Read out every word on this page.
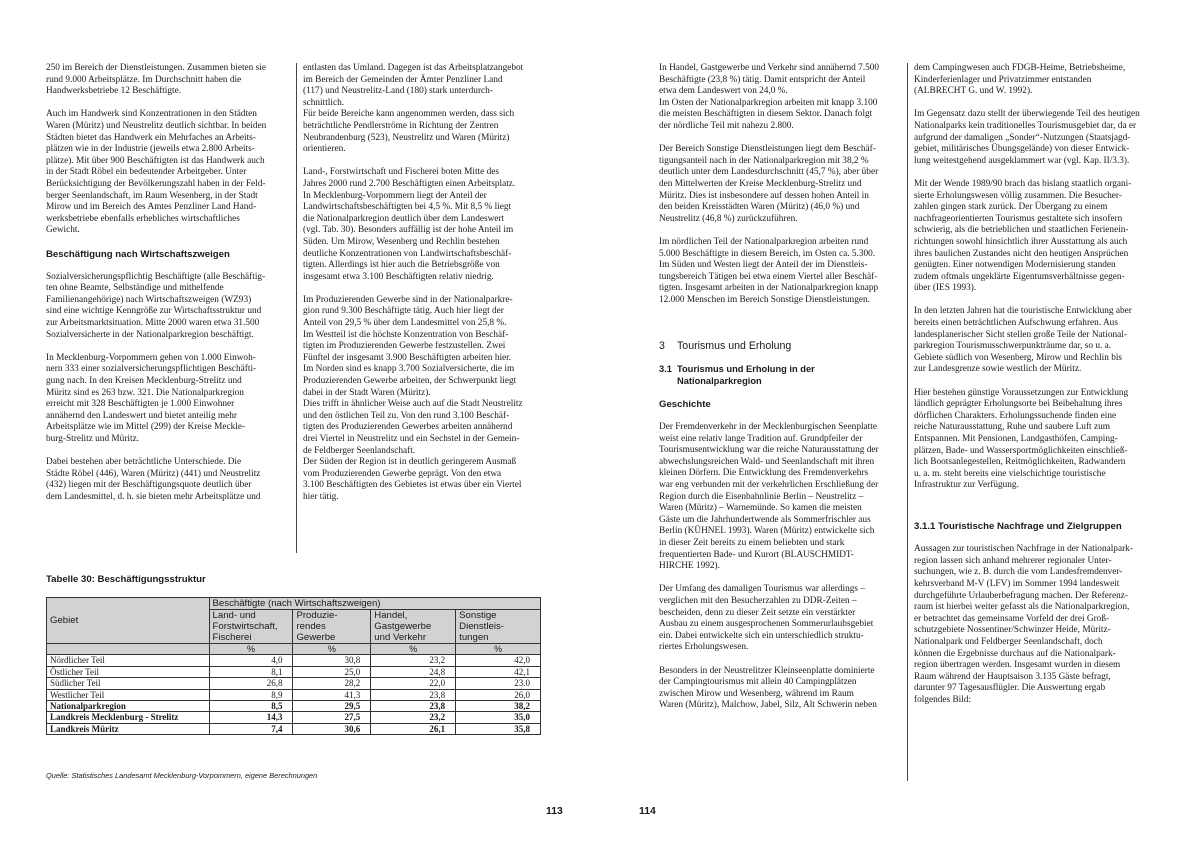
250 im Bereich der Dienstleistungen. Zusammen bieten sie
rund 9.000 Arbeitsplätze. Im Durchschnitt haben die
Handwerksbetriebe 12 Beschäftigte.

Auch im Handwerk sind Konzentrationen in den Städten
Waren (Müritz) und Neustrelitz deutlich sichtbar. In beiden
Städten bietet das Handwerk ein Mehrfaches an Arbeits-
plätzen wie in der Industrie (jeweils etwa 2.800 Arbeits-
plätze). Mit über 900 Beschäftigten ist das Handwerk auch
in der Stadt Röbel ein bedeutender Arbeitgeber. Unter
Berücksichtigung der Bevölkerungszahl haben in der Feld-
berger Seenlandschaft, im Raum Wesenberg, in der Stadt
Mirow und im Bereich des Amtes Penzliner Land Hand-
werksbetriebe ebenfalls erhebliches wirtschaftliches
Gewicht.

Beschäftigung nach Wirtschaftszweigen

Sozialversicherungspflichtig Beschäftigte (alle Beschäftig-
ten ohne Beamte, Selbständige und mithelfende
Familienangehörige) nach Wirtschaftszweigen (WZ93)
sind eine wichtige Kenngröße zur Wirtschaftsstruktur und
zur Arbeitsmarktsituation. Mitte 2000 waren etwa 31.500
Sozialversicherte in der Nationalparkregion beschäftigt.

In Mecklenburg-Vorpommern gehen von 1.000 Einwoh-
nern 333 einer sozialversicherungspflichtigen Beschäfti-
gung nach. In den Kreisen Mecklenburg-Strelitz und
Müritz sind es 263 bzw. 321. Die Nationalparkregion
erreicht mit 328 Beschäftigten je 1.000 Einwohner
annähernd den Landeswert und bietet anteilig mehr
Arbeitsplätze wie im Mittel (299) der Kreise Meckle-
burg-Strelitz und Müritz.

Dabei bestehen aber beträchtliche Unterschiede. Die
Städte Röbel (446), Waren (Müritz) (441) und Neustrelitz
(432) liegen mit der Beschäftigungsquote deutlich über
dem Landesmittel, d. h. sie bieten mehr Arbeitsplätze und

entlasten das Umland. Dagegen ist das Arbeitsplatzangebot
im Bereich der Gemeinden der Ämter Penzliner Land
(117) und Neustrelitz-Land (180) stark unterdurch-
schnittlich.
Für beide Bereiche kann angenommen werden, dass sich
beträchtliche Pendlerströme in Richtung der Zentren
Neubrandenburg (523), Neustrelitz und Waren (Müritz)
orientieren.

Land-, Forstwirtschaft und Fischerei boten Mitte des
Jahres 2000 rund 2.700 Beschäftigten einen Arbeitsplatz.
In Mecklenburg-Vorpommern liegt der Anteil der
Landwirtschaftsbeschäftigten bei 4,5 %. Mit 8,5 % liegt
die Nationalparkregion deutlich über dem Landeswert
(vgl. Tab. 30). Besonders auffällig ist der hohe Anteil im
Süden. Um Mirow, Wesenberg und Rechlin bestehen
deutliche Konzentrationen von Landwirtschaftsbeschäf-
tigten. Allerdings ist hier auch die Betriebsgröße von
insgesamt etwa 3.100 Beschäftigten relativ niedrig.

Im Produzierenden Gewerbe sind in der Nationalparkre-
gion rund 9.300 Beschäftigte tätig. Auch hier liegt der
Anteil von 29,5 % über dem Landesmittel von 25,8 %.
Im Westteil ist die höchste Konzentration von Beschäf-
tigten im Produzierenden Gewerbe festzustellen. Zwei
Fünftel der insgesamt 3.900 Beschäftigten arbeiten hier.
Im Norden sind es knapp 3.700 Sozialversicherte, die im
Produzierenden Gewerbe arbeiten, der Schwerpunkt liegt
dabei in der Stadt Waren (Müritz).
Dies trifft in ähnlicher Weise auch auf die Stadt Neustrelitz
und den östlichen Teil zu. Von den rund 3.100 Beschäf-
tigten des Produzierenden Gewerbes arbeiten annähernd
drei Viertel in Neustrelitz und ein Sechstel in der Gemein-
de Feldberger Seenlandschaft.
Der Süden der Region ist in deutlich geringerem Ausmaß
vom Produzierenden Gewerbe geprägt. Von den etwa
3.100 Beschäftigten des Gebietes ist etwas über ein Viertel
hier tätig.

Tabelle 30: Beschäftigungsstruktur
Gebiet	Beschäftigte (nach Wirtschaftszweigen)			
	Land- und
Forstwirtschaft,
Fischerei	Produzie-
rendes
Gewerbe	Handel,
Gastgewerbe
und Verkehr	Sonstige
Dienstleis-
tungen
	%	%	%	%
Nördlicher Teil	4,0	30,8	23,2	42,0
Östlicher Teil	8,1	25,0	24,8	42,1
Südlicher Teil	26,8	28,2	22,0	23.0
Westlicher Teil	8,9	41,3	23,8	26,0
Nationalparkregion	8,5	29,5	23,8	38,2
Landkreis Mecklenburg - Strelitz	14,3	27,5	23,2	35,0
Landkreis Müritz	7,4	30,6	26,1	35,8
Quelle: Statistisches Landesamt Mecklenburg-Vorpommern, eigene Berechnungen
113	114

In Handel, Gastgewerbe und Verkehr sind annähernd 7.500
Beschäftigte (23,8 %) tätig. Damit entspricht der Anteil
etwa dem Landeswert von 24,0 %.
Im Osten der Nationalparkregion arbeiten mit knapp 3.100
die meisten Beschäftigten in diesem Sektor. Danach folgt
der nördliche Teil mit nahezu 2.800.

Der Bereich Sonstige Dienstleistungen liegt dem Beschäf-
tigungsanteil nach in der Nationalparkregion mit 38,2 %
deutlich unter dem Landesdurchschnitt (45,7 %), aber über
den Mittelwerten der Kreise Mecklenburg-Strelitz und
Müritz. Dies ist insbesondere auf dessen hohen Anteil in
den beiden Kreisstädten Waren (Müritz) (46,0 %) und
Neustrelitz (46,8 %) zurückzuführen.

Im nördlichen Teil der Nationalparkregion arbeiten rund
5.000 Beschäftigte in diesem Bereich, im Osten ca. 5.300.
Im Süden und Westen liegt der Anteil der im Dienstleis-
tungsbereich Tätigen bei etwa einem Viertel aller Beschäf-
tigten. Insgesamt arbeiten in der Nationalparkregion knapp
12.000 Menschen im Bereich Sonstige Dienstleistungen.

3 Tourismus und Erholung
3.1 Tourismus und Erholung in der
Nationalparkregion
Geschichte

Der Fremdenverkehr in der Mecklenburgischen Seenplatte
weist eine relativ lange Tradition auf. Grundpfeiler der
Tourismusentwicklung war die reiche Naturausstattung der
abwechslungsreichen Wald- und Seenlandschaft mit ihren
kleinen Dörfern. Die Entwicklung des Fremdenverkehrs
war eng verbunden mit der verkehrlichen Erschließung der
Region durch die Eisenbahnlinie Berlin – Neustrelitz –
Waren (Müritz) – Warnemünde. So kamen die meisten
Gäste um die Jahrhundertwende als Sommerfrischler aus
Berlin (KÜHNEL 1993). Waren (Müritz) entwickelte sich
in dieser Zeit bereits zu einem beliebten und stark
frequentierten Bade- und Kurort (BLAUSCHMIDT-
HIRCHE 1992).

Der Umfang des damaligen Tourismus war allerdings –
verglichen mit den Besucherzahlen zu DDR-Zeiten –
bescheiden, denn zu dieser Zeit setzte ein verstärkter
Ausbau zu einem ausgesprochenen Sommerurlaubsgebiet
ein. Dabei entwickelte sich ein unterschiedlich struktu-
riertes Erholungswesen.

Besonders in der Neustrelitzer Kleinseenplatte dominierte
der Campingtourismus mit allein 40 Campingplätzen
zwischen Mirow und Wesenberg, während im Raum
Waren (Müritz), Malchow, Jabel, Silz, Alt Schwerin neben

dem Campingwesen auch FDGB-Heime, Betriebsheime,
Kinderferienlager und Privatzimmer entstanden
(ALBRECHT G. und W. 1992).

Im Gegensatz dazu stellt der überwiegende Teil des heutigen
Nationalparks kein traditionelles Tourismusgebiet dar, da er
aufgrund der damaligen „Sonder“-Nutzungen (Staatsjagd-
gebiet, militärisches Übungsgelände) von dieser Entwick-
lung weitestgehend ausgeklammert war (vgl. Kap. II/3.3).

Mit der Wende 1989/90 brach das bislang staatlich organi-
sierte Erholungswesen völlig zusammen. Die Besucher-
zahlen gingen stark zurück. Der Übergang zu einem
nachfrageorientierten Tourismus gestaltete sich insofern
schwierig, als die betrieblichen und staatlichen Ferienein-
richtungen sowohl hinsichtlich ihrer Ausstattung als auch
ihres baulichen Zustandes nicht den heutigen Ansprüchen
genügten. Einer notwendigen Modernisierung standen
zudem oftmals ungeklärte Eigentumsverhältnisse gegen-
über (IES 1993).

In den letzten Jahren hat die touristische Entwicklung aber
bereits einen beträchtlichen Aufschwung erfahren. Aus
landesplanerischer Sicht stellen große Teile der National-
parkregion Tourismusschwerpunkträume dar, so u. a.
Gebiete südlich von Wesenberg, Mirow und Rechlin bis
zur Landesgrenze sowie westlich der Müritz.

Hier bestehen günstige Voraussetzungen zur Entwicklung
ländlich geprägter Erholungsorte bei Beibehaltung ihres
dörflichen Charakters. Erholungssuchende finden eine
reiche Naturausstattung, Ruhe und saubere Luft zum
Entspannen. Mit Pensionen, Landgasthöfen, Camping-
plätzen, Bade- und Wassersportmöglichkeiten einschließ-
lich Bootsanlegestellen, Reitmöglichkeiten, Radwandern
u. a. m. steht bereits eine vielschichtige touristische
Infrastruktur zur Verfügung.

3.1.1 Touristische Nachfrage und Zielgruppen

Aussagen zur touristischen Nachfrage in der Nationalpark-
region lassen sich anhand mehrerer regionaler Unter-
suchungen, wie z. B. durch die vom Landesfremdenver-
kehrsverband M-V (LFV) im Sommer 1994 landesweit
durchgeführte Urlauberbefragung machen. Der Referenz-
raum ist hierbei weiter gefasst als die Nationalparkregion,
er betrachtet das gemeinsame Vorfeld der drei Groß-
schutzgebiete Nossentiner/Schwinzer Heide, Müritz-
Nationalpark und Feldberger Seenlandschaft, doch
können die Ergebnisse durchaus auf die Nationalpark-
region übertragen werden. Insgesamt wurden in diesem
Raum während der Hauptsaison 3.135 Gäste befragt,
darunter 97 Tagesausflügler. Die Auswertung ergab
folgendes Bild:
